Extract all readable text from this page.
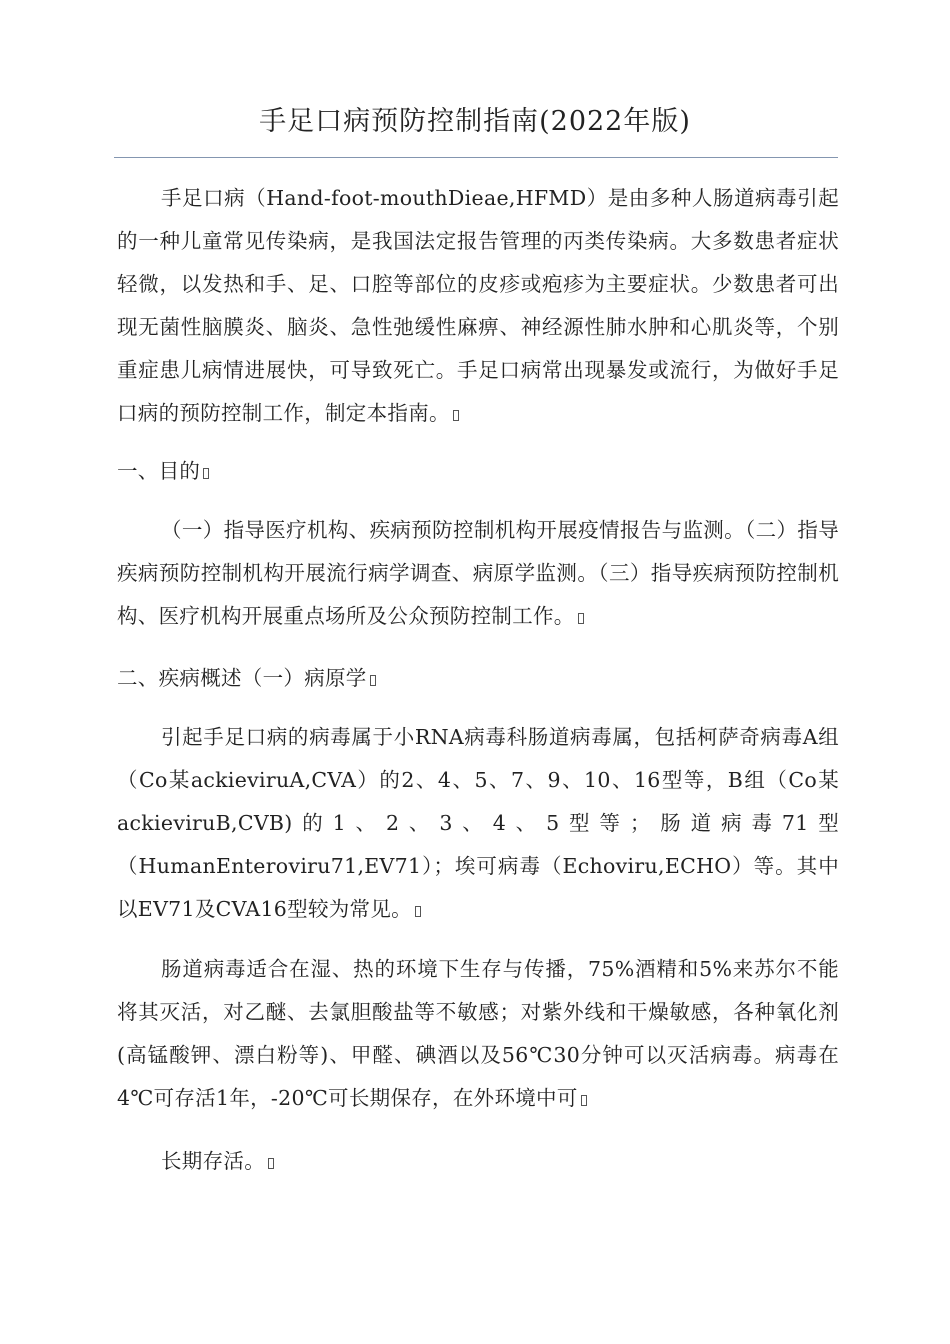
手足口病预防控制指南(2022年版)

手足口病（Hand-foot-mouthDieae,HFMD）是由多种人肠道病毒引起的一种儿童常见传染病，是我国法定报告管理的丙类传染病。大多数患者症状轻微，以发热和手、足、口腔等部位的皮疹或疱疹为主要症状。少数患者可出现无菌性脑膜炎、脑炎、急性弛缓性麻痹、神经源性肺水肿和心肌炎等，个别重症患儿病情进展快，可导致死亡。手足口病常出现暴发或流行，为做好手足口病的预防控制工作，制定本指南。

一、目的

（一）指导医疗机构、疾病预防控制机构开展疫情报告与监测。（二）指导疾病预防控制机构开展流行病学调查、病原学监测。（三）指导疾病预防控制机构、医疗机构开展重点场所及公众预防控制工作。

二、疾病概述（一）病原学

引起手足口病的病毒属于小RNA病毒科肠道病毒属，包括柯萨奇病毒A组（Co某ackieviruA,CVA）的2、4、5、7、9、10、16型等，B组（Co某ackieviruB,CVB)的1、2、3、4、5型等；肠道病毒71型（HumanEnteroviru71,EV71）；埃可病毒（Echoviru,ECHO）等。其中以EV71及CVA16型较为常见。

肠道病毒适合在湿、热的环境下生存与传播，75%酒精和5%来苏尔不能将其灭活，对乙醚、去氯胆酸盐等不敏感；对紫外线和干燥敏感，各种氧化剂(高锰酸钾、漂白粉等)、甲醛、碘酒以及56℃30分钟可以灭活病毒。病毒在4℃可存活1年，-20℃可长期保存，在外环境中可

长期存活。
